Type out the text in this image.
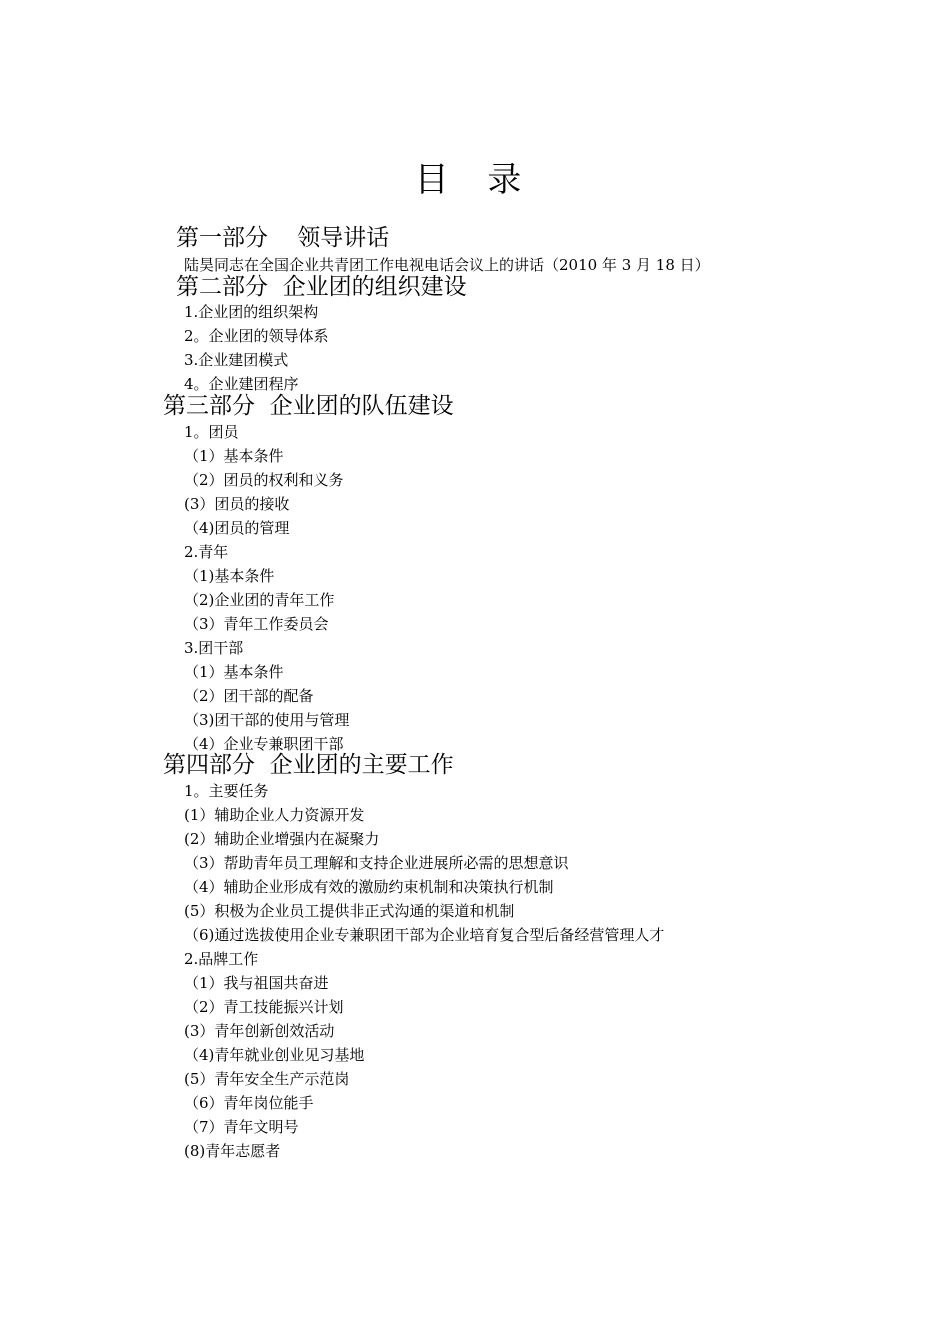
目 录
第一部分    领导讲话
陆昊同志在全国企业共青团工作电视电话会议上的讲话（2010 年 3 月 18 日）
第二部分  企业团的组织建设
1.企业团的组织架构
2。企业团的领导体系
3.企业建团模式
4。企业建团程序
第三部分  企业团的队伍建设
1。团员
（1）基本条件
（2）团员的权利和义务
(3）团员的接收
（4)团员的管理
2.青年
（1)基本条件
（2)企业团的青年工作
（3）青年工作委员会
3.团干部
（1）基本条件
（2）团干部的配备
（3)团干部的使用与管理
（4）企业专兼职团干部
第四部分  企业团的主要工作
1。主要任务
(1）辅助企业人力资源开发
(2）辅助企业增强内在凝聚力
（3）帮助青年员工理解和支持企业进展所必需的思想意识
（4）辅助企业形成有效的激励约束机制和决策执行机制
(5）积极为企业员工提供非正式沟通的渠道和机制
（6)通过选拔使用企业专兼职团干部为企业培育复合型后备经营管理人才
2.品牌工作
（1）我与祖国共奋进
（2）青工技能振兴计划
(3）青年创新创效活动
（4)青年就业创业见习基地
(5）青年安全生产示范岗
（6）青年岗位能手
（7）青年文明号
(8)青年志愿者
